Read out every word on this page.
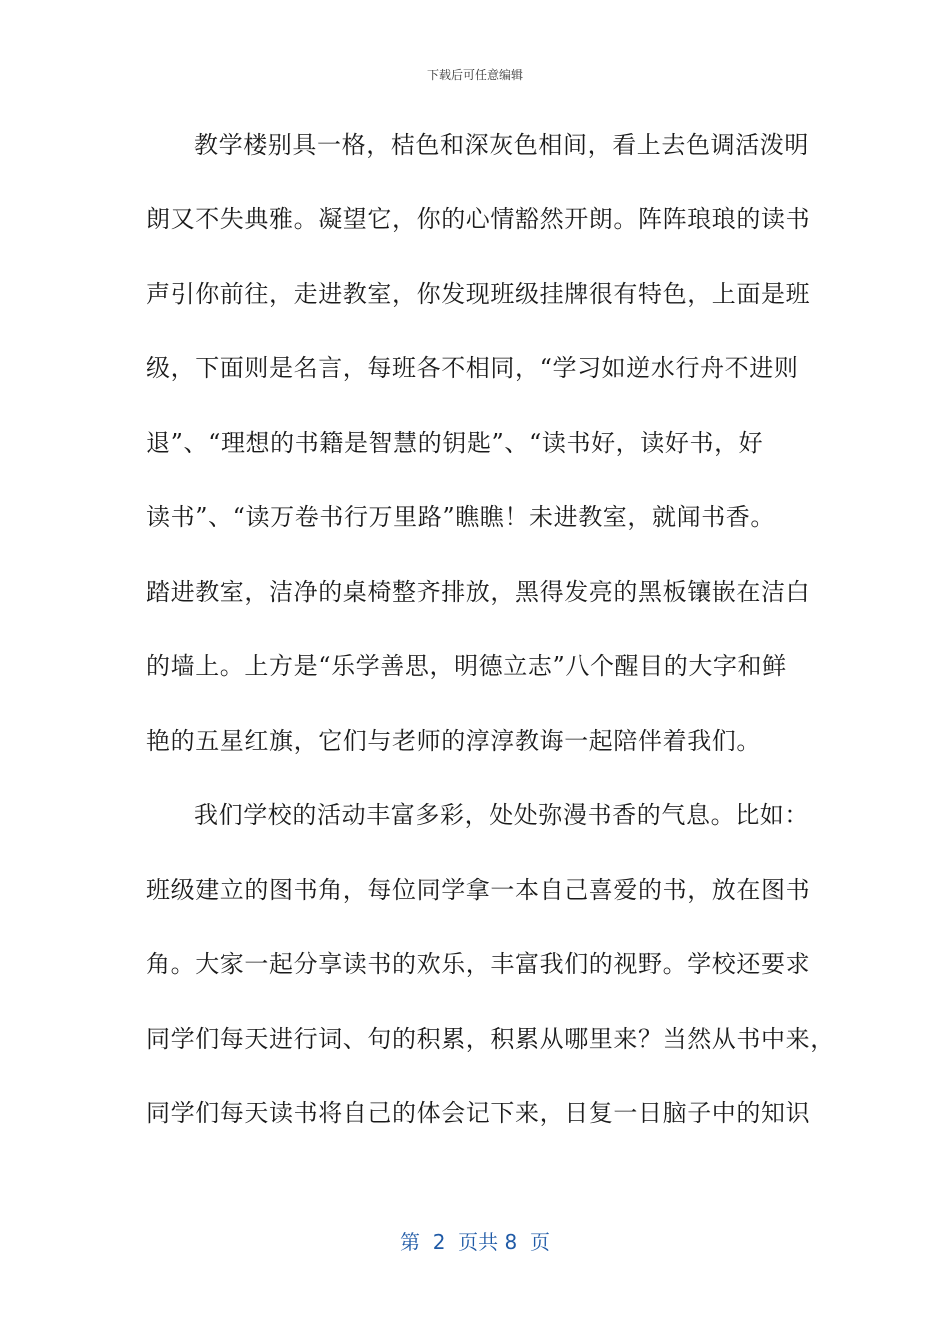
下载后可任意编辑
教学楼别具一格，桔色和深灰色相间，看上去色调活泼明
朗又不失典雅。凝望它，你的心情豁然开朗。阵阵琅琅的读书
声引你前往，走进教室，你发现班级挂牌很有特色，上面是班
级，下面则是名言，每班各不相同，“学习如逆水行舟不进则
退”、“理想的书籍是智慧的钥匙”、“读书好，读好书，好
读书”、“读万卷书行万里路”瞧瞧！未进教室，就闻书香。
踏进教室，洁净的桌椅整齐排放，黑得发亮的黑板镶嵌在洁白
的墙上。上方是“乐学善思，明德立志”八个醒目的大字和鲜
艳的五星红旗，它们与老师的淳淳教诲一起陪伴着我们。
我们学校的活动丰富多彩，处处弥漫书香的气息。比如：
班级建立的图书角，每位同学拿一本自己喜爱的书，放在图书
角。大家一起分享读书的欢乐，丰富我们的视野。学校还要求
同学们每天进行词、句的积累，积累从哪里来？当然从书中来，
同学们每天读书将自己的体会记下来，日复一日脑子中的知识
第  2  页共 8  页
